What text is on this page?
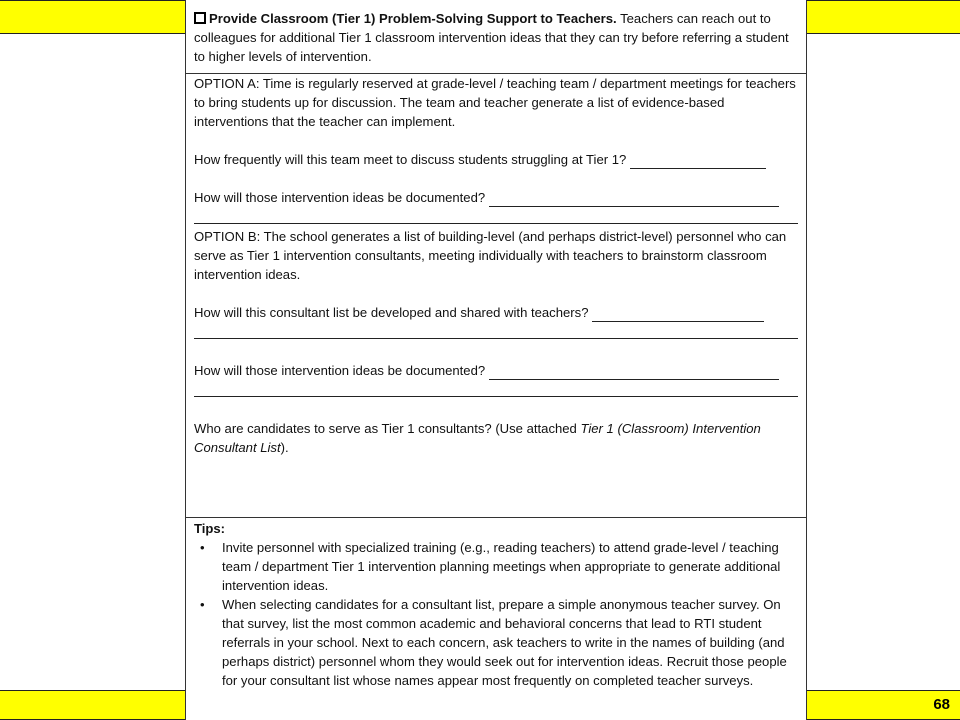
68

Provide Classroom (Tier 1) Problem-Solving Support to Teachers. Teachers can reach out to colleagues for additional Tier 1 classroom intervention ideas that they can try before referring a student to higher levels of intervention.

OPTION A: Time is regularly reserved at grade-level / teaching team / department meetings for teachers to bring students up for discussion. The team and teacher generate a list of evidence-based interventions that the teacher can implement.

How frequently will this team meet to discuss students struggling at Tier 1?

How will those intervention ideas be documented?

OPTION B: The school generates a list of building-level (and perhaps district-level) personnel who can serve as Tier 1 intervention consultants, meeting individually with teachers to brainstorm classroom intervention ideas.

How will this consultant list be developed and shared with teachers?

How will those intervention ideas be documented?

Who are candidates to serve as Tier 1 consultants? (Use attached Tier 1 (Classroom) Intervention Consultant List).

Tips:

• Invite personnel with specialized training (e.g., reading teachers) to attend grade-level / teaching team / department Tier 1 intervention planning meetings when appropriate to generate additional intervention ideas.
• When selecting candidates for a consultant list, prepare a simple anonymous teacher survey. On that survey, list the most common academic and behavioral concerns that lead to RTI student referrals in your school. Next to each concern, ask teachers to write in the names of building (and perhaps district) personnel whom they would seek out for intervention ideas. Recruit those people for your consultant list whose names appear most frequently on completed teacher surveys.
